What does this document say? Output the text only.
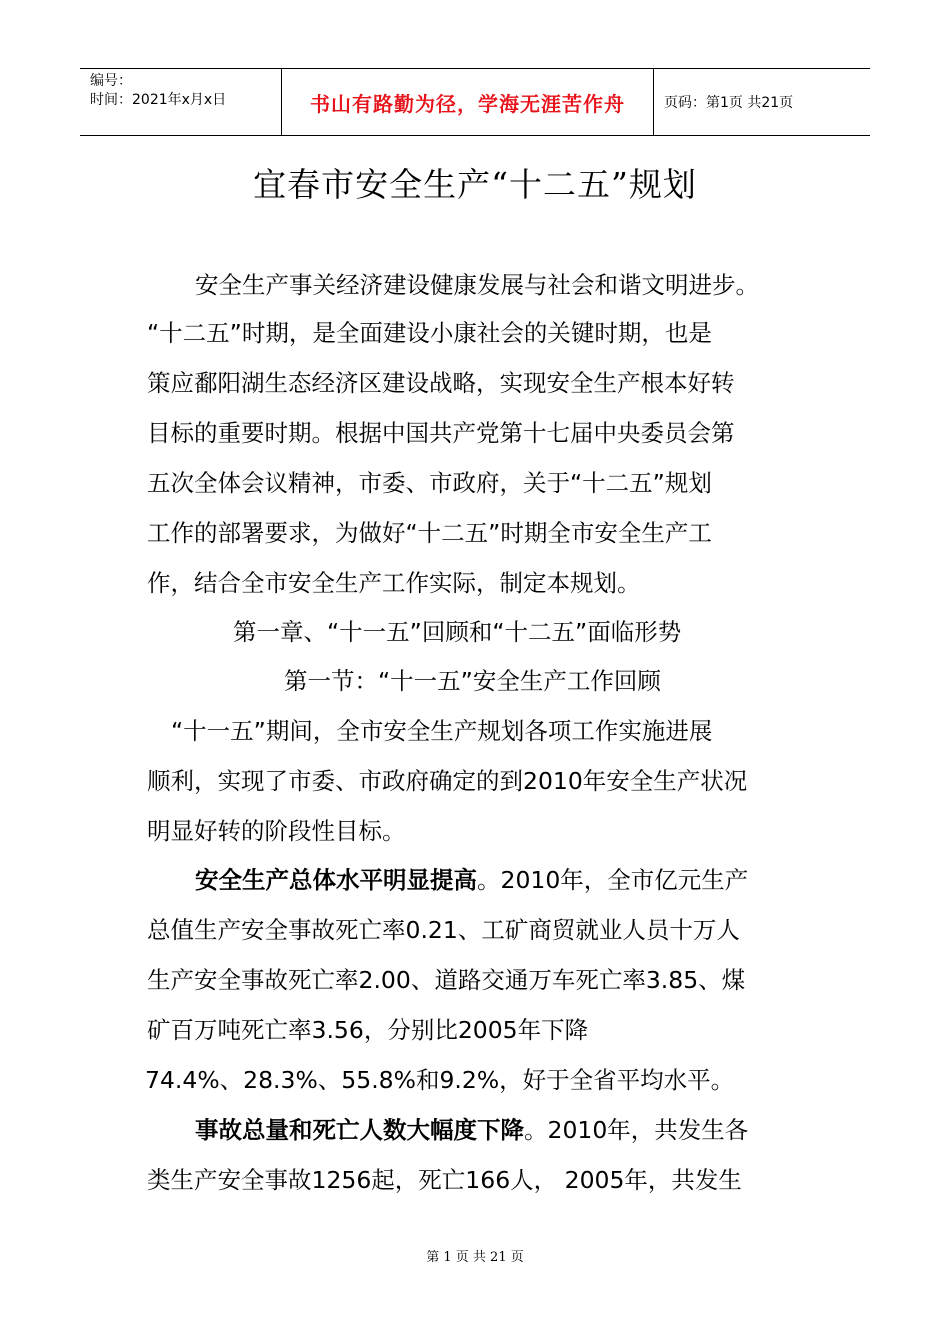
编号：
时间：2021年x月x日	书山有路勤为径，学海无涯苦作舟	页码：第1页 共21页
宜春市安全生产“十二五”规划
安全生产事关经济建设健康发展与社会和谐文明进步。
“十二五”时期，是全面建设小康社会的关键时期，也是
策应鄱阳湖生态经济区建设战略，实现安全生产根本好转
目标的重要时期。根据中国共产党第十七届中央委员会第
五次全体会议精神，市委、市政府，关于“十二五”规划
工作的部署要求，为做好“十二五”时期全市安全生产工
作，结合全市安全生产工作实际，制定本规划。
第一章、“十一五”回顾和“十二五”面临形势
第一节：“十一五”安全生产工作回顾
“十一五”期间，全市安全生产规划各项工作实施进展
顺利，实现了市委、市政府确定的到2010年安全生产状况
明显好转的阶段性目标。
安全生产总体水平明显提高。2010年，全市亿元生产
总值生产安全事故死亡率0.21、工矿商贸就业人员十万人
生产安全事故死亡率2.00、道路交通万车死亡率3.85、煤
矿百万吨死亡率3.56，分别比2005年下降
74.4%、28.3%、55.8%和9.2%，好于全省平均水平。
事故总量和死亡人数大幅度下降。2010年，共发生各
类生产安全事故1256起，死亡166人， 2005年，共发生
第 1 页 共 21 页
